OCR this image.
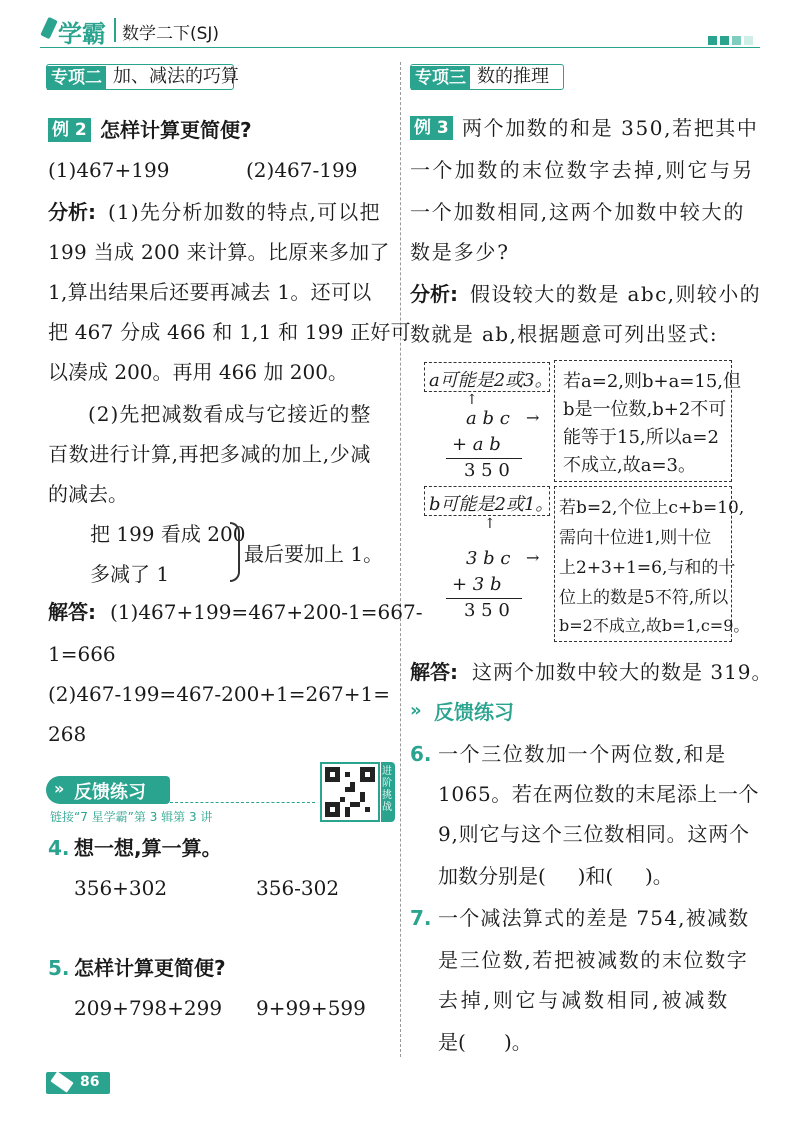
学霸 数学二下(SJ)
专项二 加、减法的巧算
例 2 怎样计算更简便?
(1)467+199	(2)467-199
分析: (1)先分析加数的特点,可以把
199 当成 200 来计算。比原来多加了
1,算出结果后还要再减去 1。还可以
把 467 分成 466 和 1,1 和 199 正好可
以凑成 200。再用 466 加 200。
(2)先把减数看成与它接近的整
百数进行计算,再把多减的加上,少减
的减去。
把 199 看成 200
多减了 1
最后要加上 1。
解答: (1)467+199=467+200-1=667-
1=666
(2)467-199=467-200+1=267+1=
268
» 反馈练习
链接“7 星学霸”第 3 辑第 3 讲
进阶挑战
4. 想一想,算一算。
356+302	356-302
5. 怎样计算更简便?
209+798+299 9+99+599
86
专项三 数的推理
例 3 两个加数的和是 350,若把其中
一个加数的末位数字去掉,则它与另
一个加数相同,这两个加数中较大的
数是多少?
分析: 假设较大的数是 abc,则较小的
数就是 ab,根据题意可列出竖式:
a可能是2或3。
↑
a b c →
+ a b
3 5 0
若a=2,则b+a=15,但
b是一位数,b+2不可
能等于15,所以a=2
不成立,故a=3。
b可能是2或1。
↑
3 b c →
+ 3 b
3 5 0
若b=2,个位上c+b=10,
需向十位进1,则十位
上2+3+1=6,与和的十
位上的数是5不符,所以
b=2不成立,故b=1,c=9。
解答: 这两个加数中较大的数是 319。
» 反馈练习
6. 一个三位数加一个两位数,和是
1065。若在两位数的末尾添上一个
9,则它与这个三位数相同。这两个
加数分别是(     )和(     )。
7. 一个减法算式的差是 754,被减数
是三位数,若把被减数的末位数字
去掉,则它与减数相同,被减数
是(      )。
